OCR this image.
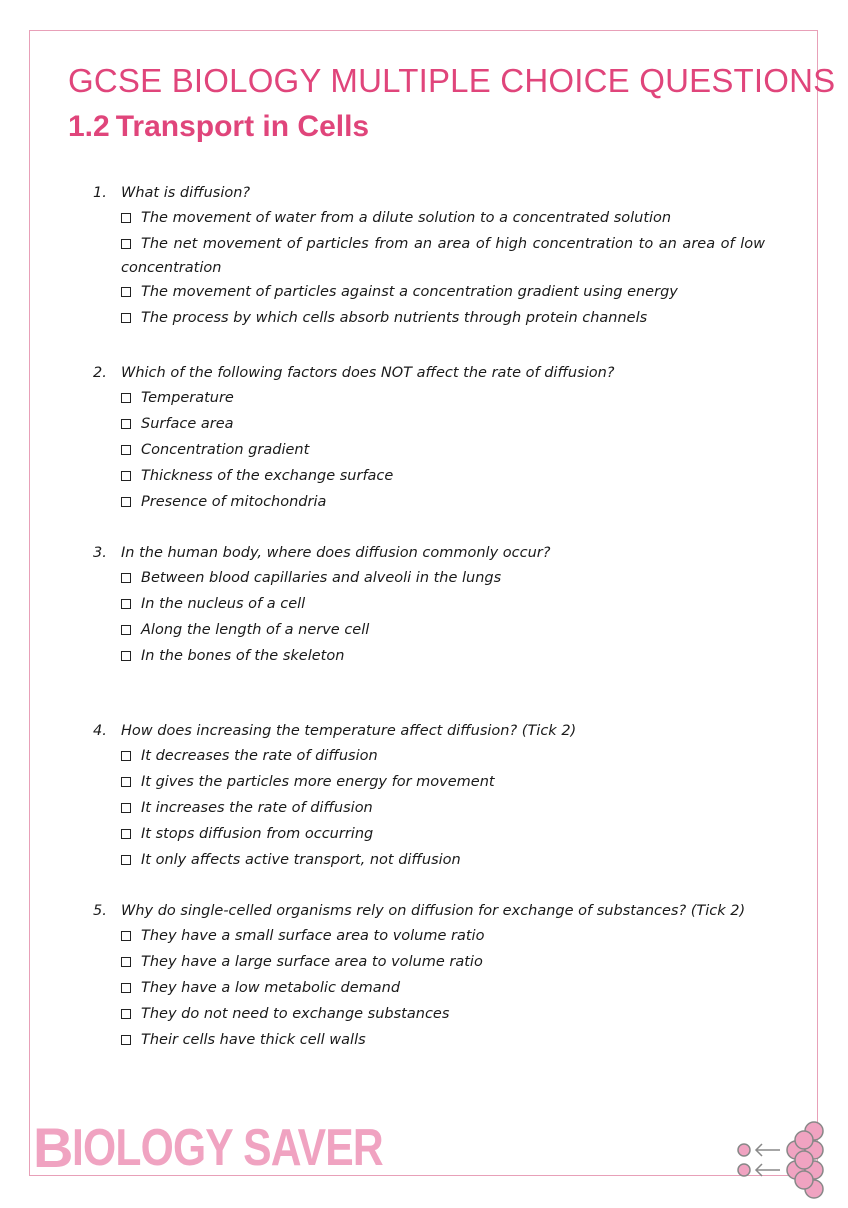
GCSE BIOLOGY MULTIPLE CHOICE QUESTIONS
1.2 Transport in Cells
1. What is diffusion?
The movement of water from a dilute solution to a concentrated solution
The net movement of particles from an area of high concentration to an area of low concentration
The movement of particles against a concentration gradient using energy
The process by which cells absorb nutrients through protein channels
2. Which of the following factors does NOT affect the rate of diffusion?
Temperature
Surface area
Concentration gradient
Thickness of the exchange surface
Presence of mitochondria
3. In the human body, where does diffusion commonly occur?
Between blood capillaries and alveoli in the lungs
In the nucleus of a cell
Along the length of a nerve cell
In the bones of the skeleton
4. How does increasing the temperature affect diffusion? (Tick 2)
It decreases the rate of diffusion
It gives the particles more energy for movement
It increases the rate of diffusion
It stops diffusion from occurring
It only affects active transport, not diffusion
5. Why do single-celled organisms rely on diffusion for exchange of substances? (Tick 2)
They have a small surface area to volume ratio
They have a large surface area to volume ratio
They have a low metabolic demand
They do not need to exchange substances
Their cells have thick cell walls
B IOLOGY SAVER
